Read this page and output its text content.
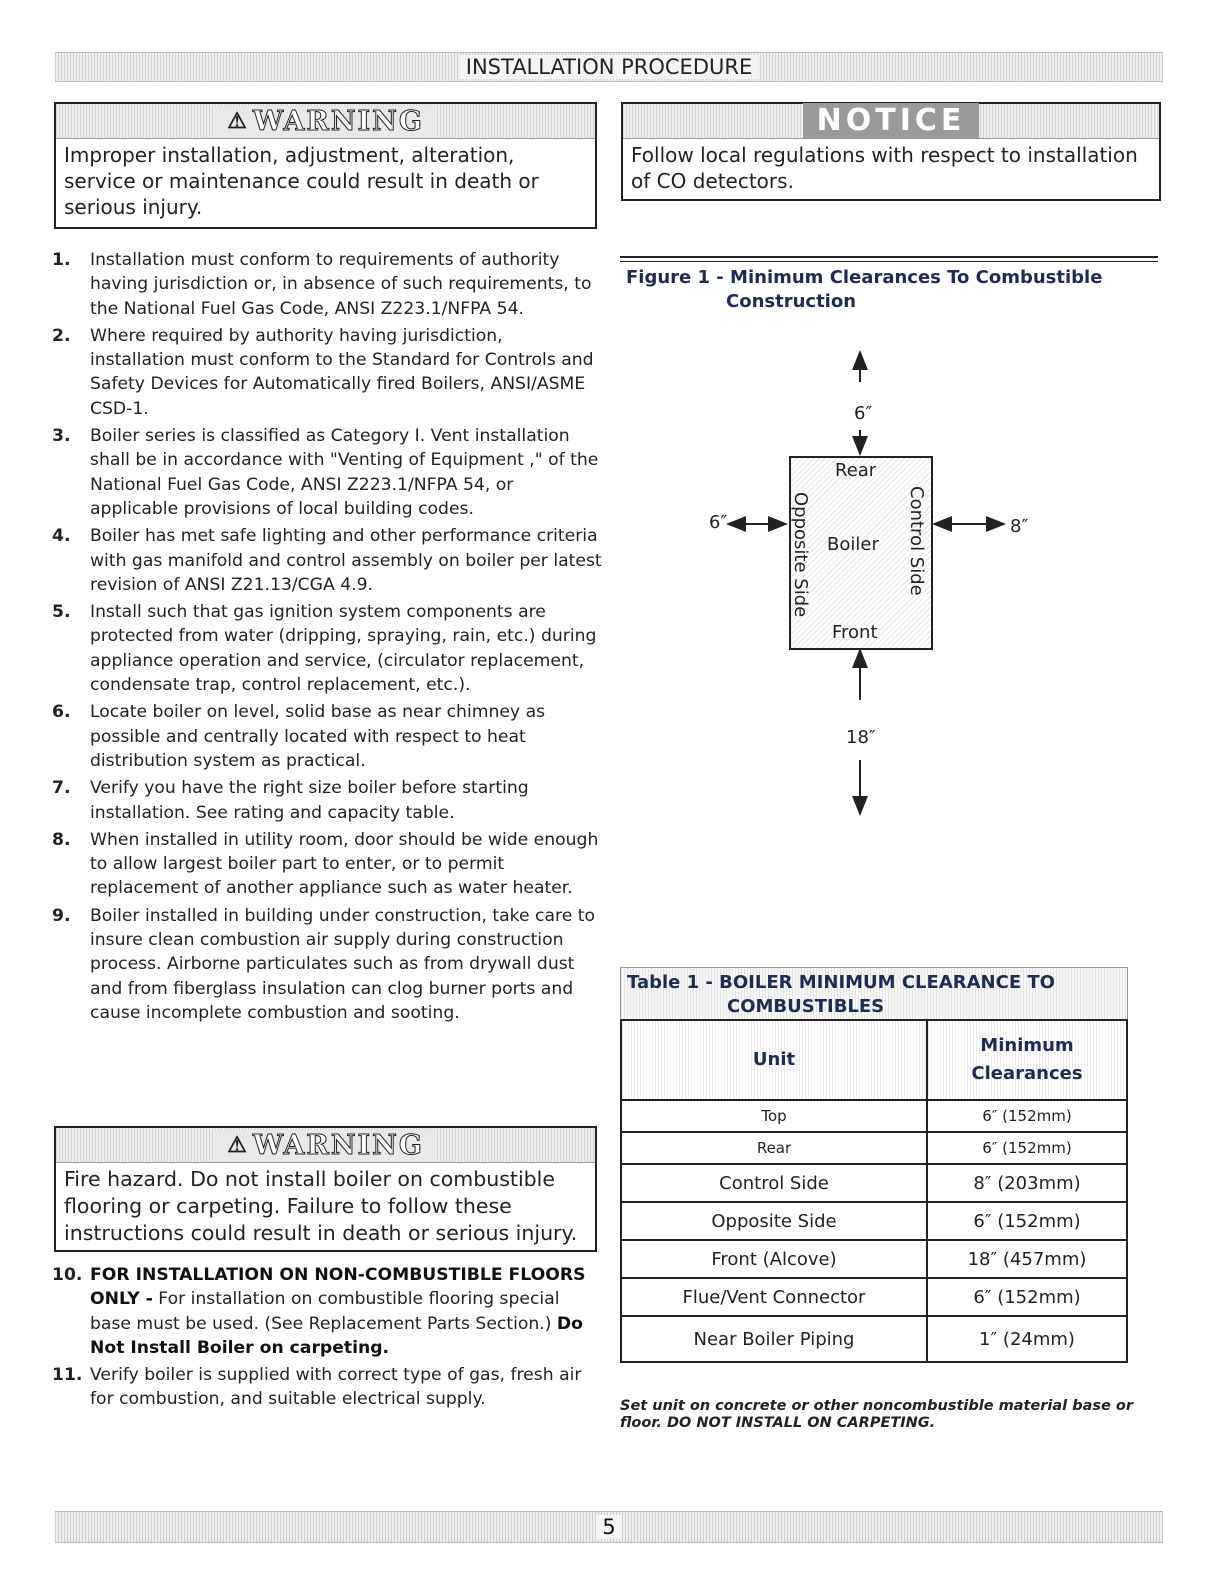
INSTALLATION PROCEDURE
⚠ WARNING
Improper installation, adjustment, alteration, service or maintenance could result in death or serious injury.
NOTICE
Follow local regulations with respect to installation of CO detectors.
1. Installation must conform to requirements of authority having jurisdiction or, in absence of such requirements, to the National Fuel Gas Code, ANSI Z223.1/NFPA 54.
2. Where required by authority having jurisdiction, installation must conform to the Standard for Controls and Safety Devices for Automatically fired Boilers, ANSI/ASME CSD-1.
3. Boiler series is classified as Category I. Vent installation shall be in accordance with "Venting of Equipment ," of the National Fuel Gas Code, ANSI Z223.1/NFPA 54, or applicable provisions of local building codes.
4. Boiler has met safe lighting and other performance criteria with gas manifold and control assembly on boiler per latest revision of ANSI Z21.13/CGA 4.9.
5. Install such that gas ignition system components are protected from water (dripping, spraying, rain, etc.) during appliance operation and service, (circulator replacement, condensate trap, control replacement, etc.).
6. Locate boiler on level, solid base as near chimney as possible and centrally located with respect to heat distribution system as practical.
7. Verify you have the right size boiler before starting installation. See rating and capacity table.
8. When installed in utility room, door should be wide enough to allow largest boiler part to enter, or to permit replacement of another appliance such as water heater.
9. Boiler installed in building under construction, take care to insure clean combustion air supply during construction process. Airborne particulates such as from drywall dust and from fiberglass insulation can clog burner ports and cause incomplete combustion and sooting.
⚠ WARNING
Fire hazard. Do not install boiler on combustible flooring or carpeting. Failure to follow these instructions could result in death or serious injury.
10. FOR INSTALLATION ON NON-COMBUSTIBLE FLOORS ONLY - For installation on combustible flooring special base must be used. (See Replacement Parts Section.) Do Not Install Boiler on carpeting.
11. Verify boiler is supplied with correct type of gas, fresh air for combustion, and suitable electrical supply.
Figure 1 - Minimum Clearances To Combustible
Construction
6″
6″	8″
18″
Rear
Boiler
Front
Opposite Side	Control Side
Table 1 - BOILER MINIMUM CLEARANCE TO
COMBUSTIBLES
Unit	Minimum Clearances
Top	6″ (152mm)
Rear	6″ (152mm)
Control Side	8″ (203mm)
Opposite Side	6″ (152mm)
Front (Alcove)	18″ (457mm)
Flue/Vent Connector	6″ (152mm)
Near Boiler Piping	1″ (24mm)
Set unit on concrete or other noncombustible material base or floor. DO NOT INSTALL ON CARPETING.
5
